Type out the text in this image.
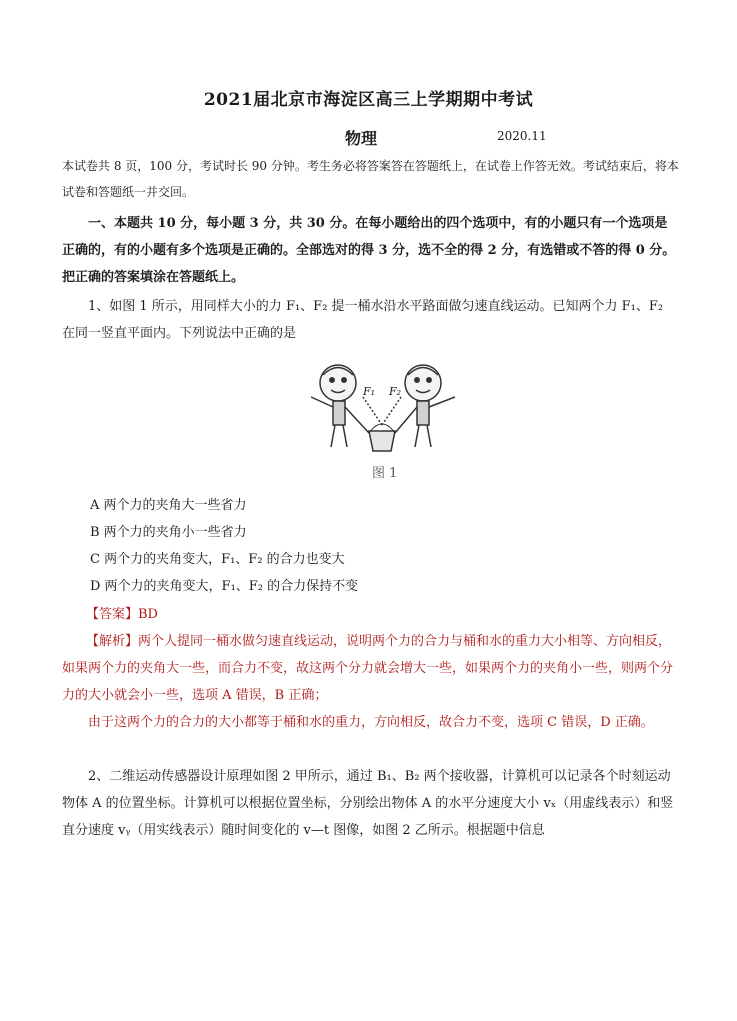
2021届北京市海淀区高三上学期期中考试
物理	2020.11
本试卷共 8 页，100 分，考试时长 90 分钟。考生务必将答案答在答题纸上，在试卷上作答无效。考试结束后，将本试卷和答题纸一并交回。
一、本题共 10 分，每小题 3 分，共 30 分。在每小题给出的四个选项中，有的小题只有一个选项是正确的，有的小题有多个选项是正确的。全部选对的得 3 分，选不全的得 2 分，有选错或不答的得 0 分。把正确的答案填涂在答题纸上。
1、如图 1 所示，用同样大小的力 F₁、F₂ 提一桶水沿水平路面做匀速直线运动。已知两个力 F₁、F₂ 在同一竖直平面内。下列说法中正确的是
F₁ F₂
图 1
A 两个力的夹角大一些省力
B 两个力的夹角小一些省力
C 两个力的夹角变大，F₁、F₂ 的合力也变大
D 两个力的夹角变大，F₁、F₂ 的合力保持不变
【答案】BD
【解析】两个人提同一桶水做匀速直线运动，说明两个力的合力与桶和水的重力大小相等、方向相反，如果两个力的夹角大一些，而合力不变，故这两个分力就会增大一些，如果两个力的夹角小一些，则两个分力的大小就会小一些，选项 A 错误，B 正确；
由于这两个力的合力的大小都等于桶和水的重力，方向相反，故合力不变，选项 C 错误，D 正确。
2、二维运动传感器设计原理如图 2 甲所示，通过 B₁、B₂ 两个接收器，计算机可以记录各个时刻运动物体 A 的位置坐标。计算机可以根据位置坐标，分别绘出物体 A 的水平分速度大小 vₓ（用虚线表示）和竖直分速度 vᵧ（用实线表示）随时间变化的 v—t 图像，如图 2 乙所示。根据题中信息
